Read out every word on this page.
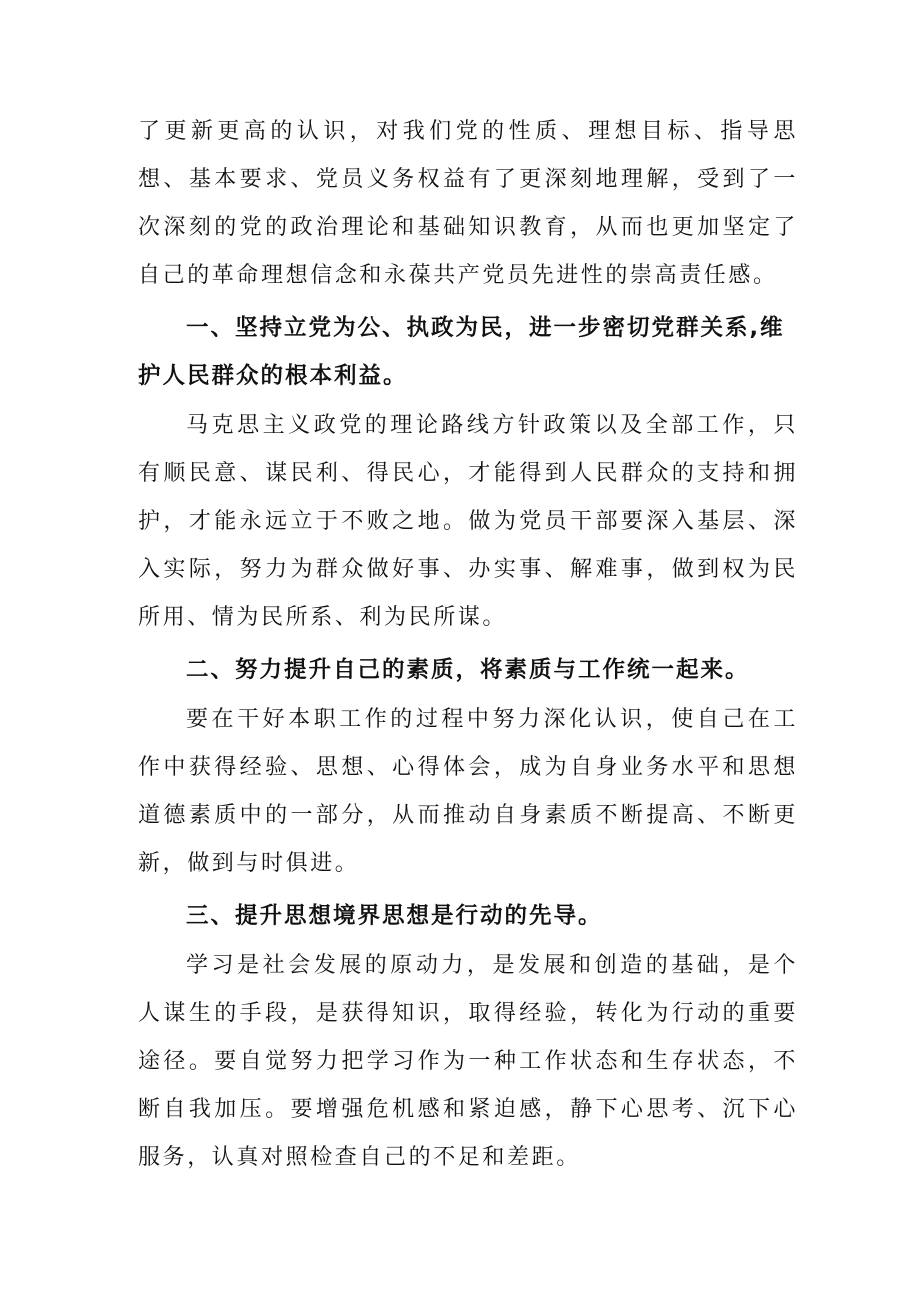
了更新更高的认识，对我们党的性质、理想目标、指导思想、基本要求、党员义务权益有了更深刻地理解，受到了一次深刻的党的政治理论和基础知识教育，从而也更加坚定了自己的革命理想信念和永葆共产党员先进性的崇高责任感。

一、坚持立党为公、执政为民，进一步密切党群关系,维护人民群众的根本利益。

马克思主义政党的理论路线方针政策以及全部工作，只有顺民意、谋民利、得民心，才能得到人民群众的支持和拥护，才能永远立于不败之地。做为党员干部要深入基层、深入实际，努力为群众做好事、办实事、解难事，做到权为民所用、情为民所系、利为民所谋。

二、努力提升自己的素质，将素质与工作统一起来。

要在干好本职工作的过程中努力深化认识，使自己在工作中获得经验、思想、心得体会，成为自身业务水平和思想道德素质中的一部分，从而推动自身素质不断提高、不断更新，做到与时俱进。

三、提升思想境界思想是行动的先导。

学习是社会发展的原动力，是发展和创造的基础，是个人谋生的手段，是获得知识，取得经验，转化为行动的重要途径。要自觉努力把学习作为一种工作状态和生存状态，不断自我加压。要增强危机感和紧迫感，静下心思考、沉下心服务，认真对照检查自己的不足和差距。
